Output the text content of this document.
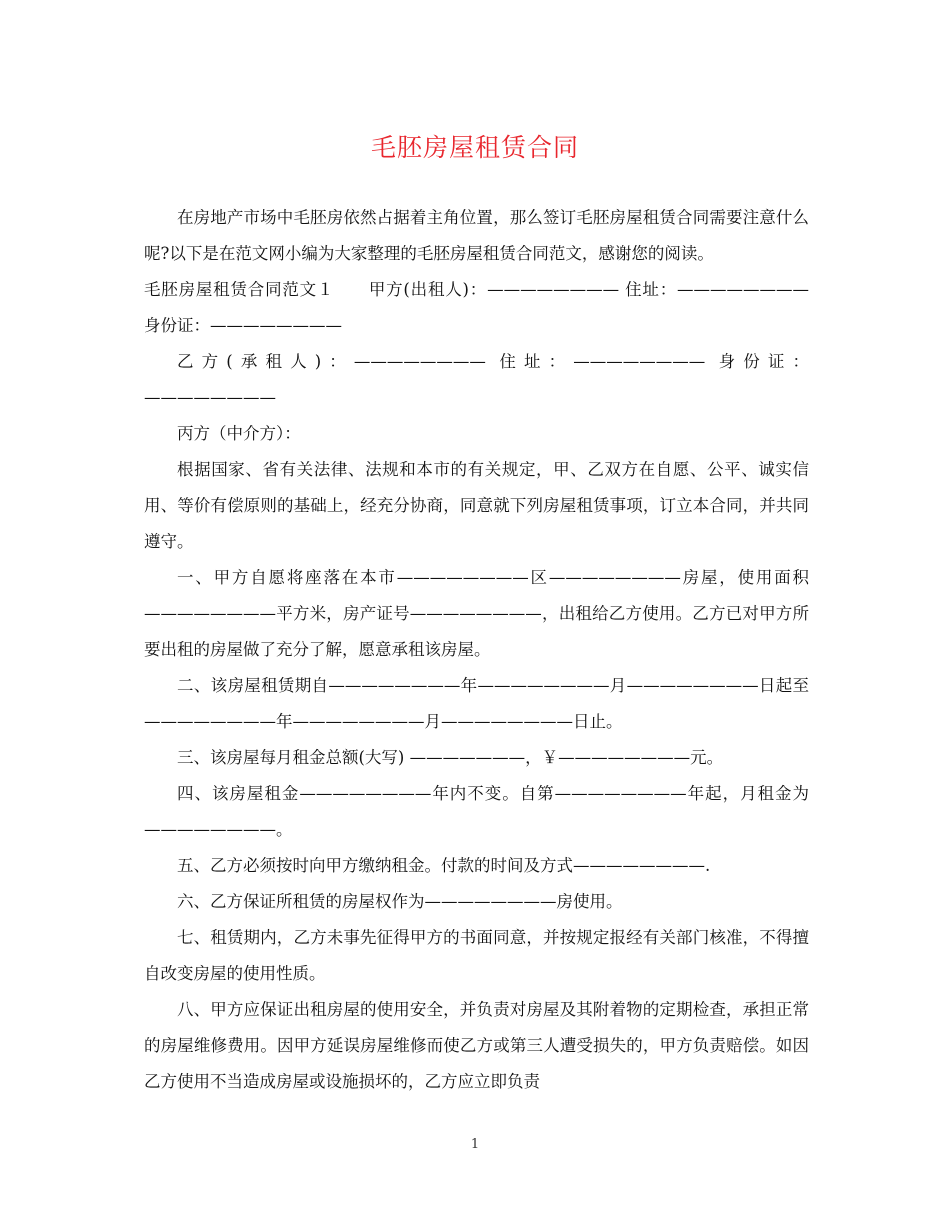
毛胚房屋租赁合同

在房地产市场中毛胚房依然占据着主角位置，那么签订毛胚房屋租赁合同需要注意什么呢?以下是在范文网小编为大家整理的毛胚房屋租赁合同范文，感谢您的阅读。

毛胚房屋租赁合同范文１　　甲方(出租人)：———————— 住址：———————— 身份证：————————

乙方(承租人)：———————— 住址：———————— 身份证：————————

丙方（中介方）：

根据国家、省有关法律、法规和本市的有关规定，甲、乙双方在自愿、公平、诚实信用、等价有偿原则的基础上，经充分协商，同意就下列房屋租赁事项，订立本合同，并共同遵守。

一、甲方自愿将座落在本市————————区————————房屋，使用面积————————平方米，房产证号————————，出租给乙方使用。乙方已对甲方所要出租的房屋做了充分了解，愿意承租该房屋。

二、该房屋租赁期自————————年————————月————————日起至————————年————————月————————日止。

三、该房屋每月租金总额(大写) ———————，￥————————元。

四、该房屋租金————————年内不变。自第————————年起，月租金为————————。

五、乙方必须按时向甲方缴纳租金。付款的时间及方式————————.

六、乙方保证所租赁的房屋权作为————————房使用。

七、租赁期内，乙方未事先征得甲方的书面同意，并按规定报经有关部门核准，不得擅自改变房屋的使用性质。

八、甲方应保证出租房屋的使用安全，并负责对房屋及其附着物的定期检查，承担正常的房屋维修费用。因甲方延误房屋维修而使乙方或第三人遭受损失的，甲方负责赔偿。如因乙方使用不当造成房屋或设施损坏的，乙方应立即负责

1
